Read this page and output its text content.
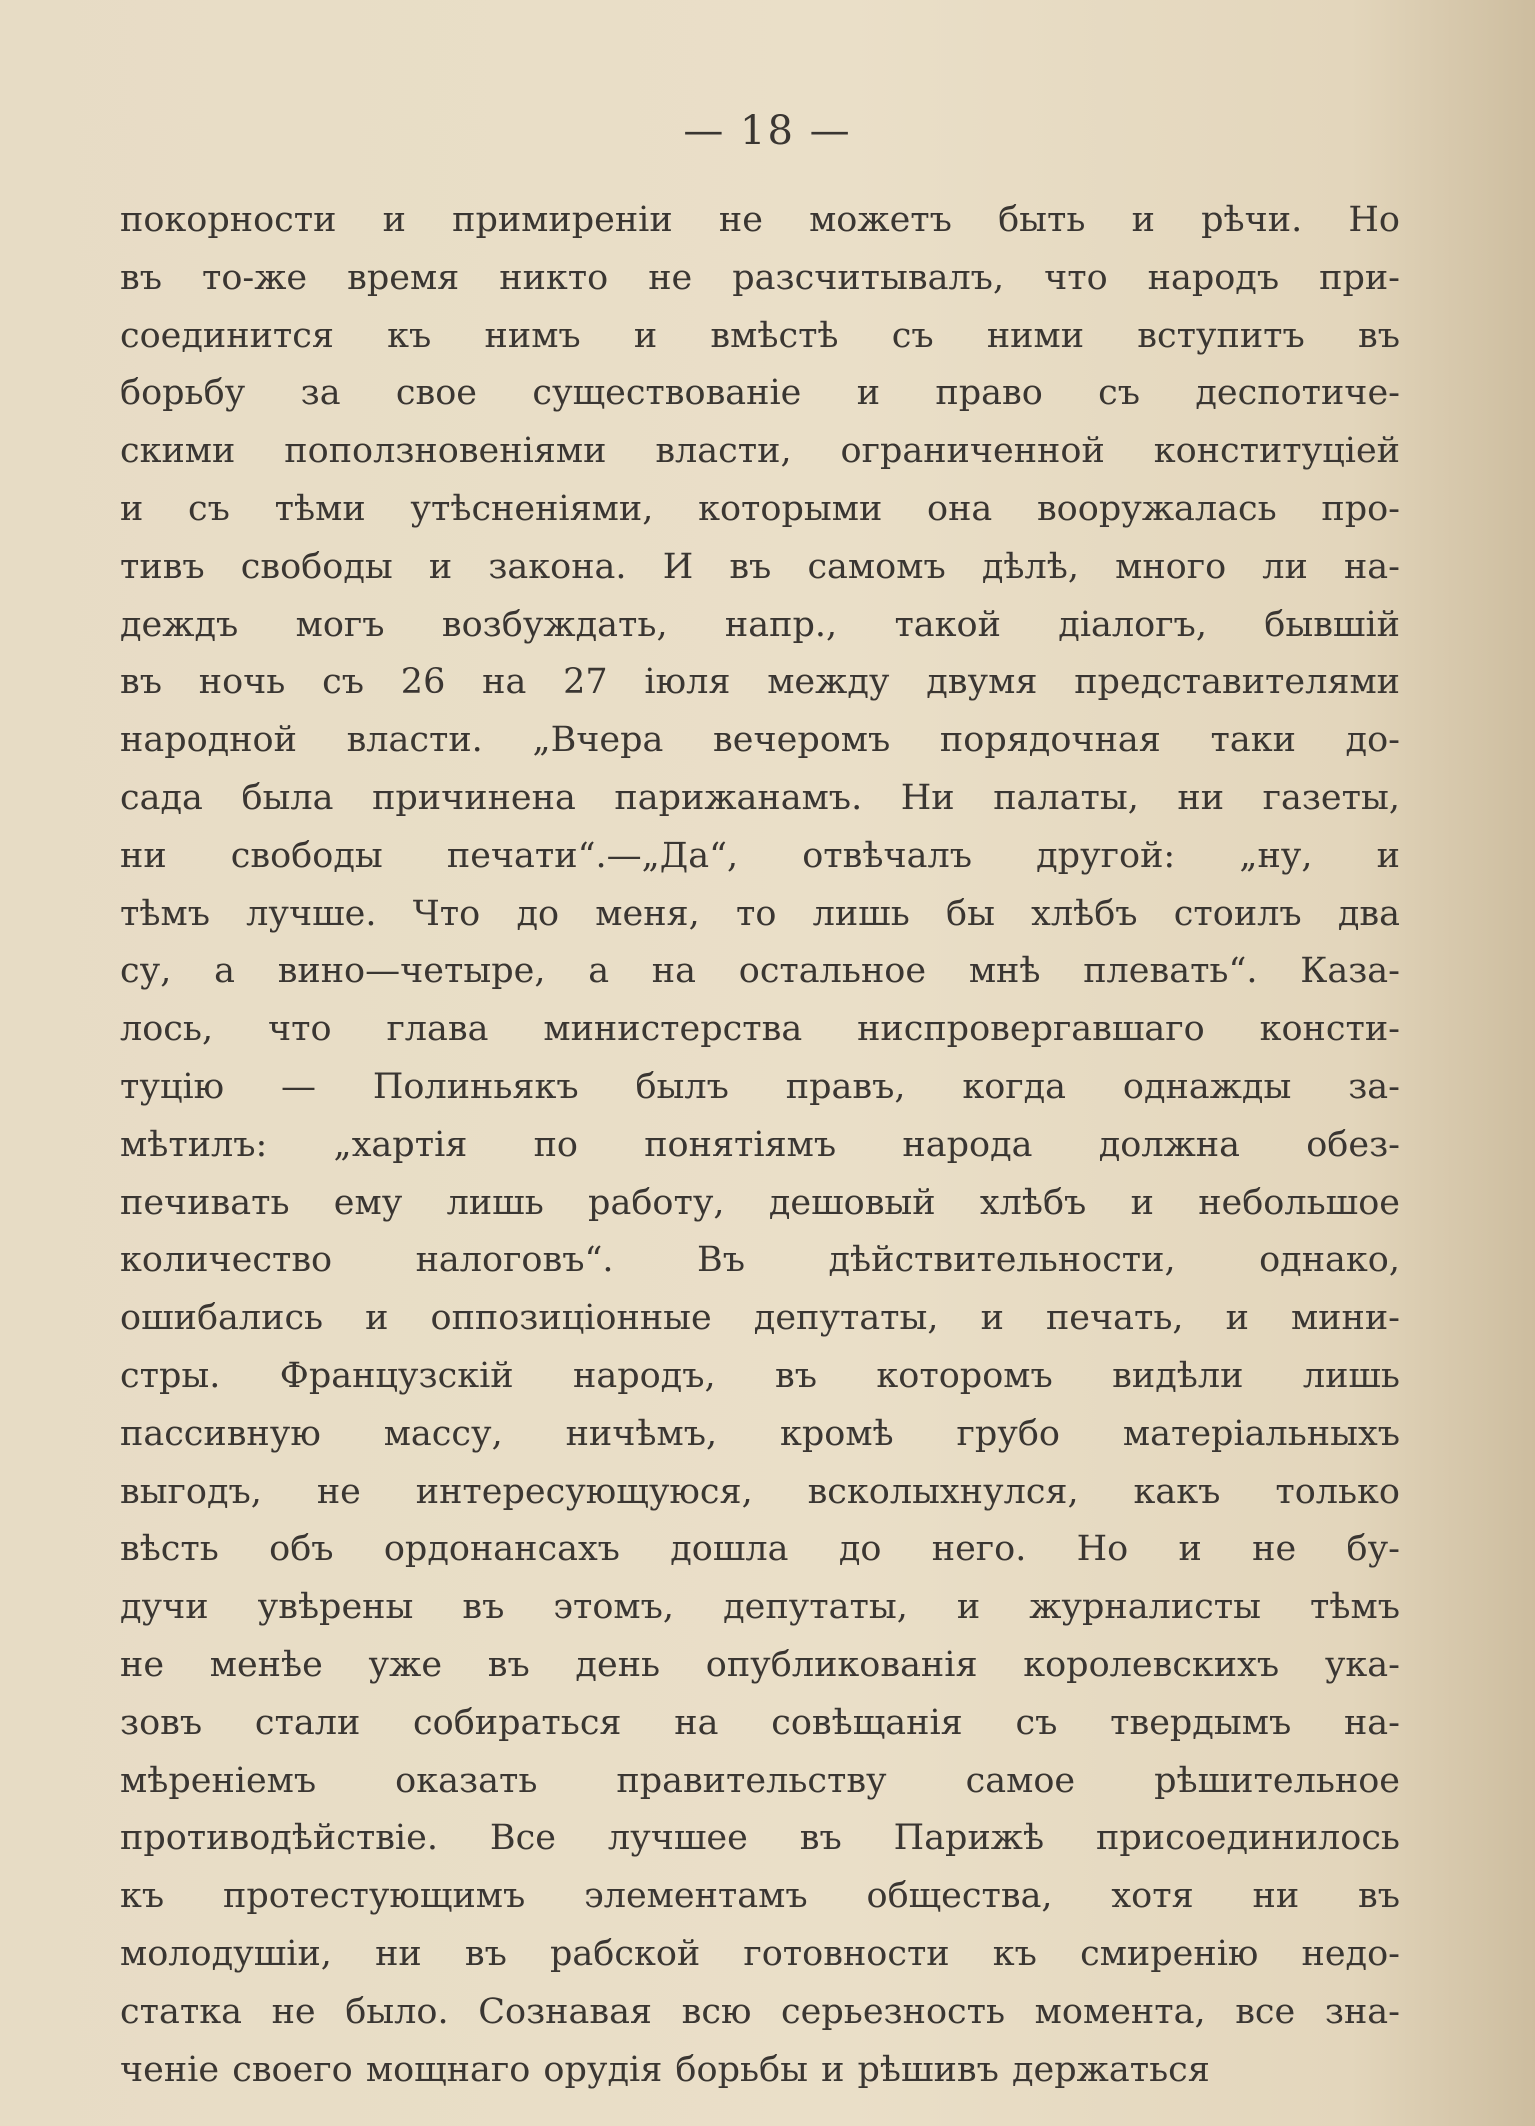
— 18 —
покорности и примиреніи не можетъ быть и рѣчи. Но
въ то-же время никто не разсчитывалъ, что народъ при-
соединится къ нимъ и вмѣстѣ съ ними вступитъ въ
борьбу за свое существованіе и право съ деспотиче-
скими поползновеніями власти, ограниченной конституціей
и съ тѣми утѣсненіями, которыми она вооружалась про-
тивъ свободы и закона. И въ самомъ дѣлѣ, много ли на-
деждъ могъ возбуждать, напр., такой діалогъ, бывшій
въ ночь съ 26 на 27 іюля между двумя представителями
народной власти. „Вчера вечеромъ порядочная таки до-
сада была причинена парижанамъ. Ни палаты, ни газеты,
ни свободы печати“.—„Да“, отвѣчалъ другой: „ну, и
тѣмъ лучше. Что до меня, то лишь бы хлѣбъ стоилъ два
су, а вино—четыре, а на остальное мнѣ плевать“. Каза-
лось, что глава министерства ниспровергавшаго консти-
туцію — Полиньякъ былъ правъ, когда однажды за-
мѣтилъ: „хартія по понятіямъ народа должна обез-
печивать ему лишь работу, дешовый хлѣбъ и небольшое
количество налоговъ“. Въ дѣйствительности, однако,
ошибались и оппозиціонные депутаты, и печать, и мини-
стры. Французскій народъ, въ которомъ видѣли лишь
пассивную массу, ничѣмъ, кромѣ грубо матеріальныхъ
выгодъ, не интересующуюся, всколыхнулся, какъ только
вѣсть объ ордонансахъ дошла до него. Но и не бу-
дучи увѣрены въ этомъ, депутаты, и журналисты тѣмъ
не менѣе уже въ день опубликованія королевскихъ ука-
зовъ стали собираться на совѣщанія съ твердымъ на-
мѣреніемъ оказать правительству самое рѣшительное
противодѣйствіе. Все лучшее въ Парижѣ присоединилось
къ протестующимъ элементамъ общества, хотя ни въ
молодушіи, ни въ рабской готовности къ смиренію недо-
статка не было. Сознавая всю серьезность момента, все зна-
ченіе своего мощнаго орудія борьбы и рѣшивъ держаться
